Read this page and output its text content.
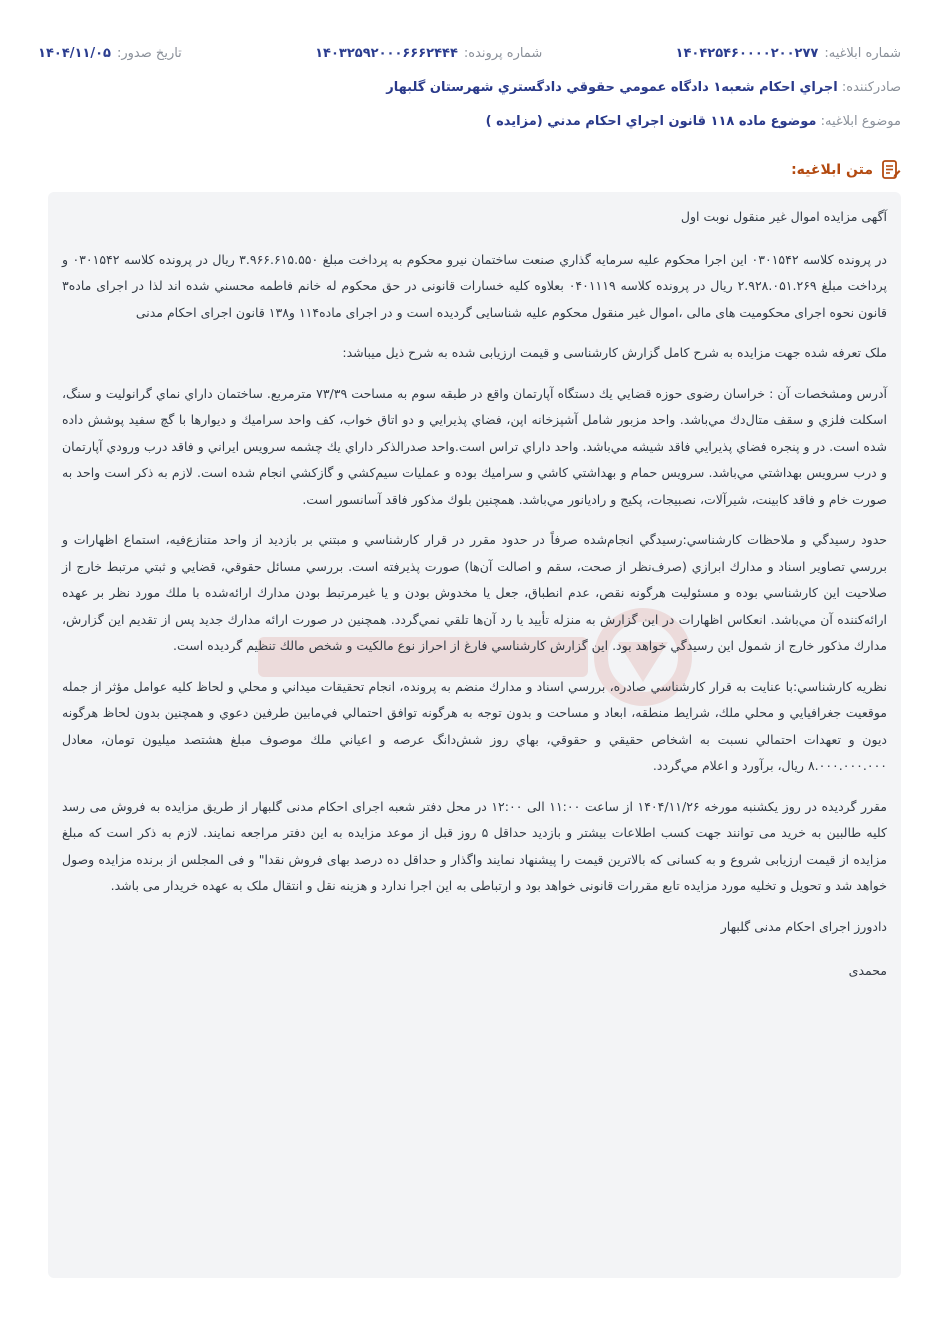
شماره ابلاغیه:
۱۴۰۴۲۵۴۶۰۰۰۰۲۰۰۲۷۷
شماره پرونده:
۱۴۰۳۲۵۹۲۰۰۰۶۶۶۲۴۴۴
تاریخ صدور:
۱۴۰۴/۱۱/۰۵
صادرکننده: اجراي احكام شعبه۱ دادگاه عمومي حقوقي دادگستري شهرستان گلبهار
موضوع ابلاغیه: موضوع ماده ۱۱۸ قانون اجراي احكام مدني (مزايده )
متن ابلاغیه:

آگهی مزایده اموال غیر منقول نوبت اول

در پرونده کلاسه ۰۳۰۱۵۴۲ این اجرا محکوم علیه سرمايه گذاري صنعت ساختمان نيرو محکوم به پرداخت مبلغ ۳.۹۶۶.۶۱۵.۵۵۰ ریال در پرونده کلاسه ۰۳۰۱۵۴۲ و پرداخت مبلغ ۲.۹۲۸.۰۵۱.۲۶۹ ریال در پرونده کلاسه ۰۴۰۱۱۱۹ بعلاوه کلیه خسارات قانونی در حق محکوم له خانم فاطمه محسني شده اند لذا در اجرای ماده۳ قانون نحوه اجرای محکومیت های مالی ،اموال غیر منقول محکوم علیه شناسایی گردیده است و در اجرای ماده۱۱۴ و۱۳۸ قانون اجرای احکام مدنی

ملک تعرفه شده جهت مزایده به شرح کامل گزارش کارشناسی و قیمت ارزیابی شده به شرح ذیل میباشد:

آدرس ومشخصات آن : خراسان رضوی حوزه قضايي يك دستگاه آپارتمان واقع در طبقه سوم به مساحت ۷۳/۳۹ مترمربع. ساختمان داراي نماي گرانوليت و سنگ، اسكلت فلزي و سقف متال‌دك مي‌باشد. واحد مزبور شامل آشپزخانه اپن، فضاي پذيرايي و دو اتاق خواب، كف واحد سراميك و ديوارها با گچ سفيد پوشش داده شده است. در و پنجره فضاي پذيرايي فاقد شيشه مي‌باشد. واحد داراي تراس است.واحد صدرالذكر داراي يك چشمه سرويس ايراني و فاقد درب ورودي آپارتمان و درب سرويس بهداشتي مي‌باشد. سرويس حمام و بهداشتي كاشي و سراميك بوده و عمليات سيم‌كشي و گازكشي انجام شده است. لازم به ذكر است واحد به صورت خام و فاقد كابينت، شيرآلات، نصبيجات، پكيج و راديانور مي‌باشد. همچنين بلوك مذكور فاقد آسانسور است.

حدود رسيدگي و ملاحظات كارشناسي:رسيدگي انجام‌شده صرفاً در حدود مقرر در قرار كارشناسي و مبتني بر بازديد از واحد متنازع‌فيه، استماع اظهارات و بررسي تصاوير اسناد و مدارك ابرازي (صرف‌نظر از صحت، سقم و اصالت آن‌ها) صورت پذيرفته است. بررسي مسائل حقوقي، قضايي و ثبتي مرتبط خارج از صلاحيت اين كارشناسي بوده و مسئوليت هرگونه نقص، عدم انطباق، جعل يا مخدوش بودن و يا غيرمرتبط بودن مدارك ارائه‌شده با ملك مورد نظر بر عهده ارائه‌كننده آن مي‌باشد. انعكاس اظهارات در اين گزارش به منزله تأييد يا رد آن‌ها تلقي نمي‌گردد. همچنين در صورت ارائه مدارك جديد پس از تقديم اين گزارش، مدارك مذكور خارج از شمول اين رسيدگي خواهد بود. اين گزارش كارشناسي فارغ از احراز نوع مالكيت و شخص مالك تنظيم گرديده است.

نظريه كارشناسي:با عنايت به قرار كارشناسي صادره، بررسي اسناد و مدارك منضم به پرونده، انجام تحقيقات ميداني و محلي و لحاظ كليه عوامل مؤثر از جمله موقعيت جغرافيايي و محلي ملك، شرايط منطقه، ابعاد و مساحت و بدون توجه به هرگونه توافق احتمالي في‌مابين طرفين دعوي و همچنين بدون لحاظ هرگونه ديون و تعهدات احتمالي نسبت به اشخاص حقيقي و حقوقي، بهاي روز شش‌دانگ عرصه و اعياني ملك موصوف مبلغ هشتصد ميليون تومان، معادل ۸.۰۰۰.۰۰۰.۰۰۰ ريال، برآورد و اعلام مي‌گردد.

مقرر گرديده در روز يكشنبه مورخه ۱۴۰۴/۱۱/۲۶ از ساعت ۱۱:۰۰ الی ۱۲:۰۰ در محل دفتر شعبه اجرای احکام مدنی گلبهار از طریق مزایده به فروش می رسد کلیه طالبین به خرید می توانند جهت کسب اطلاعات بیشتر و بازدید حداقل ۵ روز قبل از موعد مزایده به این دفتر مراجعه نمایند. لازم به ذکر است که مبلغ مزایده از قیمت ارزیابی شروع و به کسانی که بالاترین قیمت را پیشنهاد نمایند واگذار و حداقل ده درصد بهای فروش نقدا" و فی المجلس از برنده مزایده وصول خواهد شد و تحویل و تخلیه مورد مزایده تابع مقررات قانونی خواهد بود و ارتباطی به این اجرا ندارد و هزینه نقل و انتقال ملک به عهده خریدار می باشد.

دادورز اجرای احکام مدنی گلبهار

محمدی
